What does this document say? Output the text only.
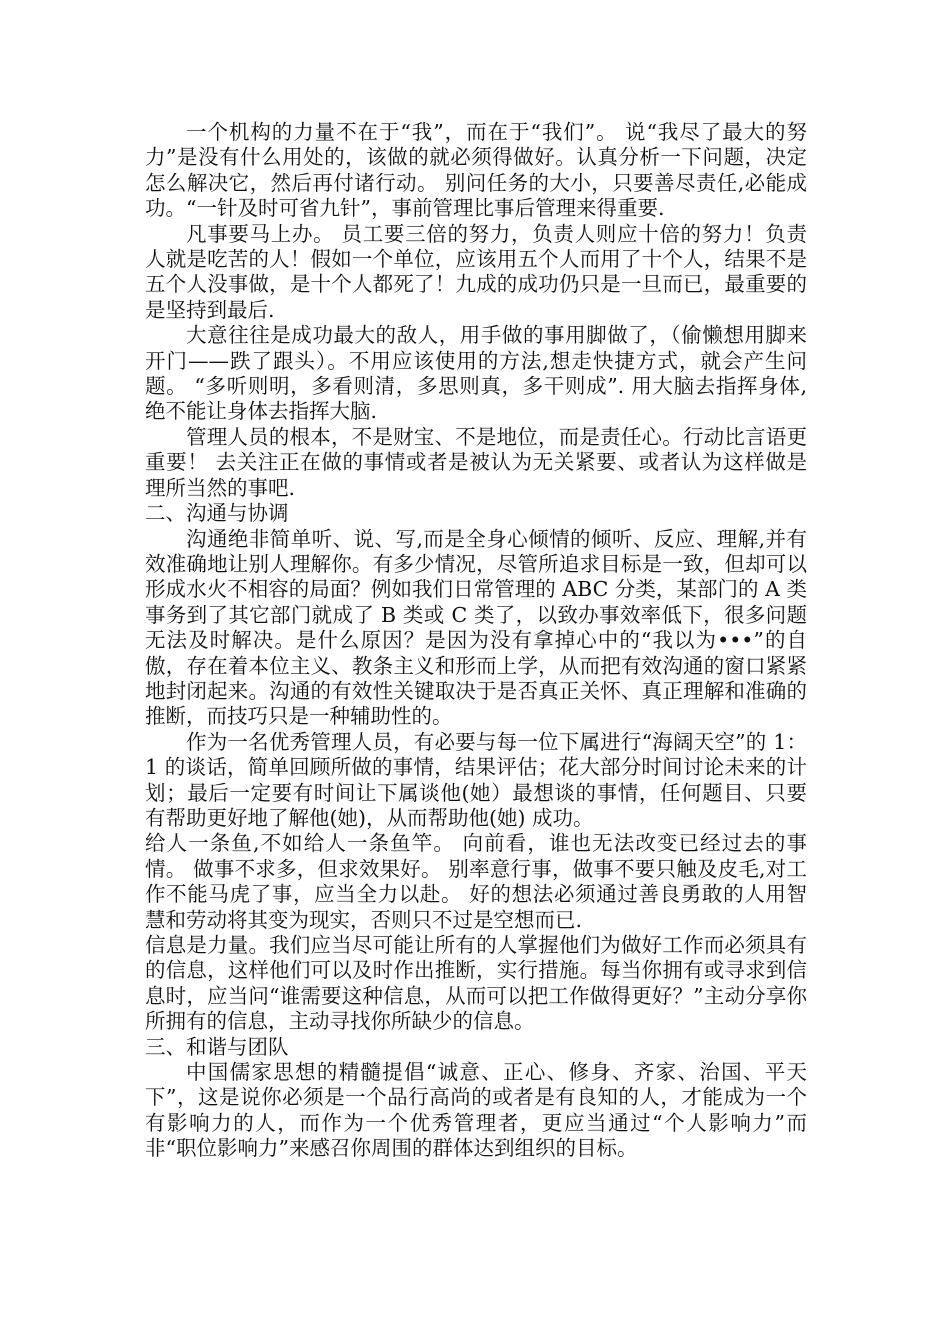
一个机构的力量不在于“我”，而在于“我们”。 说“我尽了最大的努力”是没有什么用处的，该做的就必须得做好。认真分析一下问题，决定怎么解决它，然后再付诸行动。 别问任务的大小，只要善尽责任,必能成功。“一针及时可省九针”，事前管理比事后管理来得重要.

凡事要马上办。 员工要三倍的努力，负责人则应十倍的努力！负责人就是吃苦的人！假如一个单位，应该用五个人而用了十个人，结果不是五个人没事做，是十个人都死了！九成的成功仍只是一旦而已，最重要的是坚持到最后.

大意往往是成功最大的敌人，用手做的事用脚做了，（偷懒想用脚来开门——跌了跟头）。不用应该使用的方法,想走快捷方式，就会产生问题。 “多听则明，多看则清，多思则真，多干则成”. 用大脑去指挥身体,绝不能让身体去指挥大脑.

管理人员的根本，不是财宝、不是地位，而是责任心。行动比言语更重要！ 去关注正在做的事情或者是被认为无关紧要、或者认为这样做是理所当然的事吧.

二、沟通与协调

沟通绝非简单听、说、写,而是全身心倾情的倾听、反应、理解,并有效准确地让别人理解你。有多少情况，尽管所追求目标是一致，但却可以形成水火不相容的局面？例如我们日常管理的 ABC 分类，某部门的 A 类事务到了其它部门就成了 B 类或 C 类了，以致办事效率低下，很多问题无法及时解决。是什么原因？是因为没有拿掉心中的“我以为•••”的自傲，存在着本位主义、教条主义和形而上学，从而把有效沟通的窗口紧紧地封闭起来。沟通的有效性关键取决于是否真正关怀、真正理解和准确的推断，而技巧只是一种辅助性的。

作为一名优秀管理人员，有必要与每一位下属进行“海阔天空”的 1：1 的谈话，简单回顾所做的事情，结果评估；花大部分时间讨论未来的计划；最后一定要有时间让下属谈他(她）最想谈的事情，任何题目、只要有帮助更好地了解他(她)，从而帮助他(她) 成功。

给人一条鱼,不如给人一条鱼竿。 向前看，谁也无法改变已经过去的事情。 做事不求多，但求效果好。 别率意行事，做事不要只触及皮毛,对工作不能马虎了事，应当全力以赴。 好的想法必须通过善良勇敢的人用智慧和劳动将其变为现实，否则只不过是空想而已.

信息是力量。我们应当尽可能让所有的人掌握他们为做好工作而必须具有的信息，这样他们可以及时作出推断，实行措施。每当你拥有或寻求到信息时，应当问“谁需要这种信息，从而可以把工作做得更好？”主动分享你所拥有的信息，主动寻找你所缺少的信息。

三、和谐与团队

中国儒家思想的精髓提倡“诚意、正心、修身、齐家、治国、平天下”，这是说你必须是一个品行高尚的或者是有良知的人，才能成为一个有影响力的人，而作为一个优秀管理者，更应当通过“个人影响力”而非“职位影响力”来感召你周围的群体达到组织的目标。
